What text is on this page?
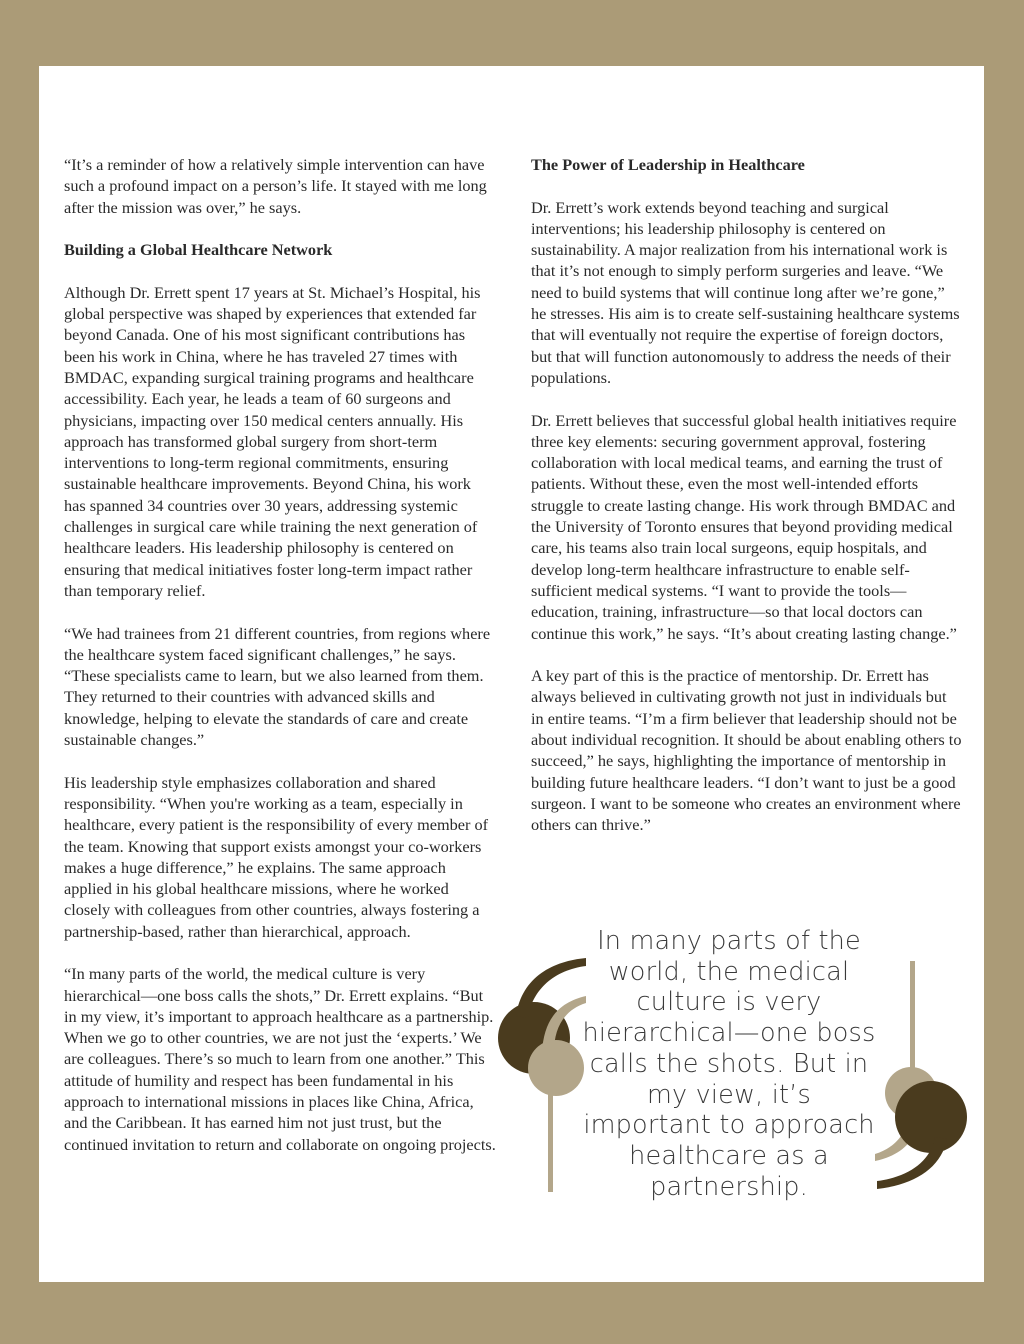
“It’s a reminder of how a relatively simple intervention can have such a profound impact on a person’s life. It stayed with me long after the mission was over,” he says.

Building a Global Healthcare Network

Although Dr. Errett spent 17 years at St. Michael’s Hospital, his global perspective was shaped by experiences that extended far beyond Canada. One of his most significant contributions has been his work in China, where he has traveled 27 times with BMDAC, expanding surgical training programs and healthcare accessibility. Each year, he leads a team of 60 surgeons and physicians, impacting over 150 medical centers annually. His approach has transformed global surgery from short-term interventions to long-term regional commitments, ensuring sustainable healthcare improvements. Beyond China, his work has spanned 34 countries over 30 years, addressing systemic challenges in surgical care while training the next generation of healthcare leaders. His leadership philosophy is centered on ensuring that medical initiatives foster long-term impact rather than temporary relief.

“We had trainees from 21 different countries, from regions where the healthcare system faced significant challenges,” he says. “These specialists came to learn, but we also learned from them. They returned to their countries with advanced skills and knowledge, helping to elevate the standards of care and create sustainable changes.”

His leadership style emphasizes collaboration and shared responsibility. “When you're working as a team, especially in healthcare, every patient is the responsibility of every member of the team. Knowing that support exists amongst your co-workers makes a huge difference,” he explains. The same approach applied in his global healthcare missions, where he worked closely with colleagues from other countries, always fostering a partnership-based, rather than hierarchical, approach.

“In many parts of the world, the medical culture is very hierarchical—one boss calls the shots,” Dr. Errett explains. “But in my view, it’s important to approach healthcare as a partnership. When we go to other countries, we are not just the ‘experts.’ We are colleagues. There’s so much to learn from one another.” This attitude of humility and respect has been fundamental in his approach to international missions in places like China, Africa, and the Caribbean. It has earned him not just trust, but the continued invitation to return and collaborate on ongoing projects.

The Power of Leadership in Healthcare

Dr. Errett’s work extends beyond teaching and surgical interventions; his leadership philosophy is centered on sustainability. A major realization from his international work is that it’s not enough to simply perform surgeries and leave. “We need to build systems that will continue long after we’re gone,” he stresses. His aim is to create self-sustaining healthcare systems that will eventually not require the expertise of foreign doctors, but that will function autonomously to address the needs of their populations.

Dr. Errett believes that successful global health initiatives require three key elements: securing government approval, fostering collaboration with local medical teams, and earning the trust of patients. Without these, even the most well-intended efforts struggle to create lasting change. His work through BMDAC and the University of Toronto ensures that beyond providing medical care, his teams also train local surgeons, equip hospitals, and develop long-term healthcare infrastructure to enable self-sufficient medical systems. “I want to provide the tools—education, training, infrastructure—so that local doctors can continue this work,” he says. “It’s about creating lasting change.”

A key part of this is the practice of mentorship. Dr. Errett has always believed in cultivating growth not just in individuals but in entire teams. “I’m a firm believer that leadership should not be about individual recognition. It should be about enabling others to succeed,” he says, highlighting the importance of mentorship in building future healthcare leaders. “I don’t want to just be a good surgeon. I want to be someone who creates an environment where others can thrive.”

In many parts of the world, the medical culture is very hierarchical—one boss calls the shots. But in my view, it’s important to approach healthcare as a partnership.
